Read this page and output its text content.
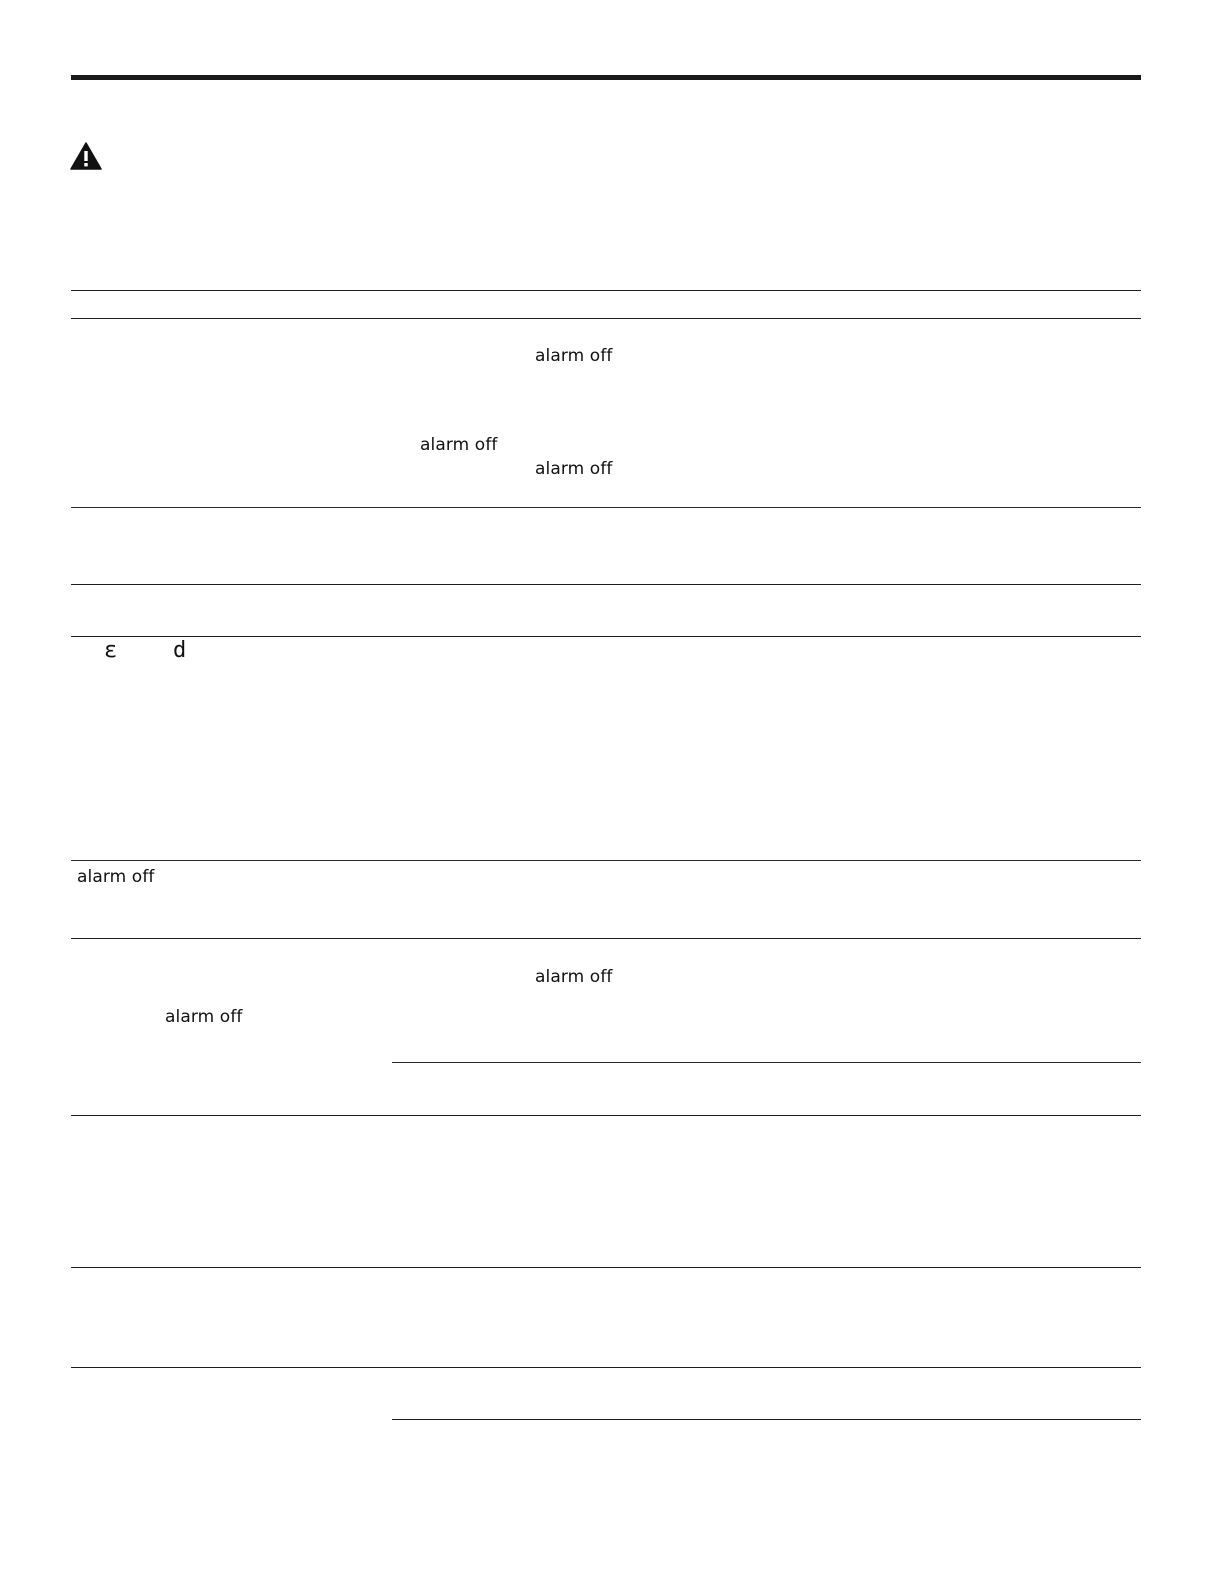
alarm off
alarm off
alarm off
ε	d
alarm off
alarm off
alarm off
